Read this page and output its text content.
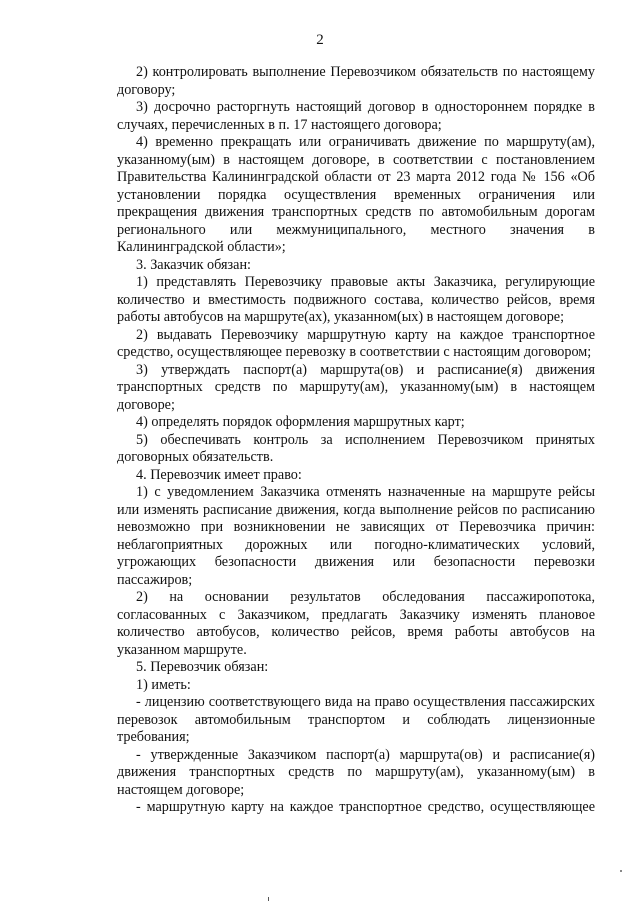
2

2) контролировать выполнение Перевозчиком обязательств по настоящему договору;

3) досрочно расторгнуть настоящий договор в одностороннем порядке в случаях, перечисленных в п. 17 настоящего договора;

4) временно прекращать или ограничивать движение по маршруту(ам), указанному(ым) в настоящем договоре, в соответствии с постановлением Правительства Калининградской области от 23 марта 2012 года № 156 «Об установлении порядка осуществления временных ограничения или прекращения движения транспортных средств по автомобильным дорогам регионального или межмуниципального, местного значения в Калининградской области»;

3. Заказчик обязан:

1) представлять Перевозчику правовые акты Заказчика, регулирующие количество и вместимость подвижного состава, количество рейсов, время работы автобусов на маршруте(ах), указанном(ых) в настоящем договоре;

2) выдавать Перевозчику маршрутную карту на каждое транспортное средство, осуществляющее перевозку в соответствии с настоящим договором;

3) утверждать паспорт(а) маршрута(ов) и расписание(я) движения транспортных средств по маршруту(ам), указанному(ым) в настоящем договоре;

4) определять порядок оформления маршрутных карт;

5) обеспечивать контроль за исполнением Перевозчиком принятых договорных обязательств.

4. Перевозчик имеет право:

1) с уведомлением Заказчика отменять назначенные на маршруте рейсы или изменять расписание движения, когда выполнение рейсов по расписанию невозможно при возникновении не зависящих от Перевозчика причин: неблагоприятных дорожных или погодно-климатических условий, угрожающих безопасности движения или безопасности перевозки пассажиров;

2) на основании результатов обследования пассажиропотока, согласованных с Заказчиком, предлагать Заказчику изменять плановое количество автобусов, количество рейсов, время работы автобусов на указанном маршруте.

5. Перевозчик обязан:

1) иметь:

- лицензию соответствующего вида на право осуществления пассажирских перевозок автомобильным транспортом и соблюдать лицензионные требования;

- утвержденные Заказчиком паспорт(а) маршрута(ов) и расписание(я) движения транспортных средств по маршруту(ам), указанному(ым) в настоящем договоре;

- маршрутную карту на каждое транспортное средство, осуществляющее
